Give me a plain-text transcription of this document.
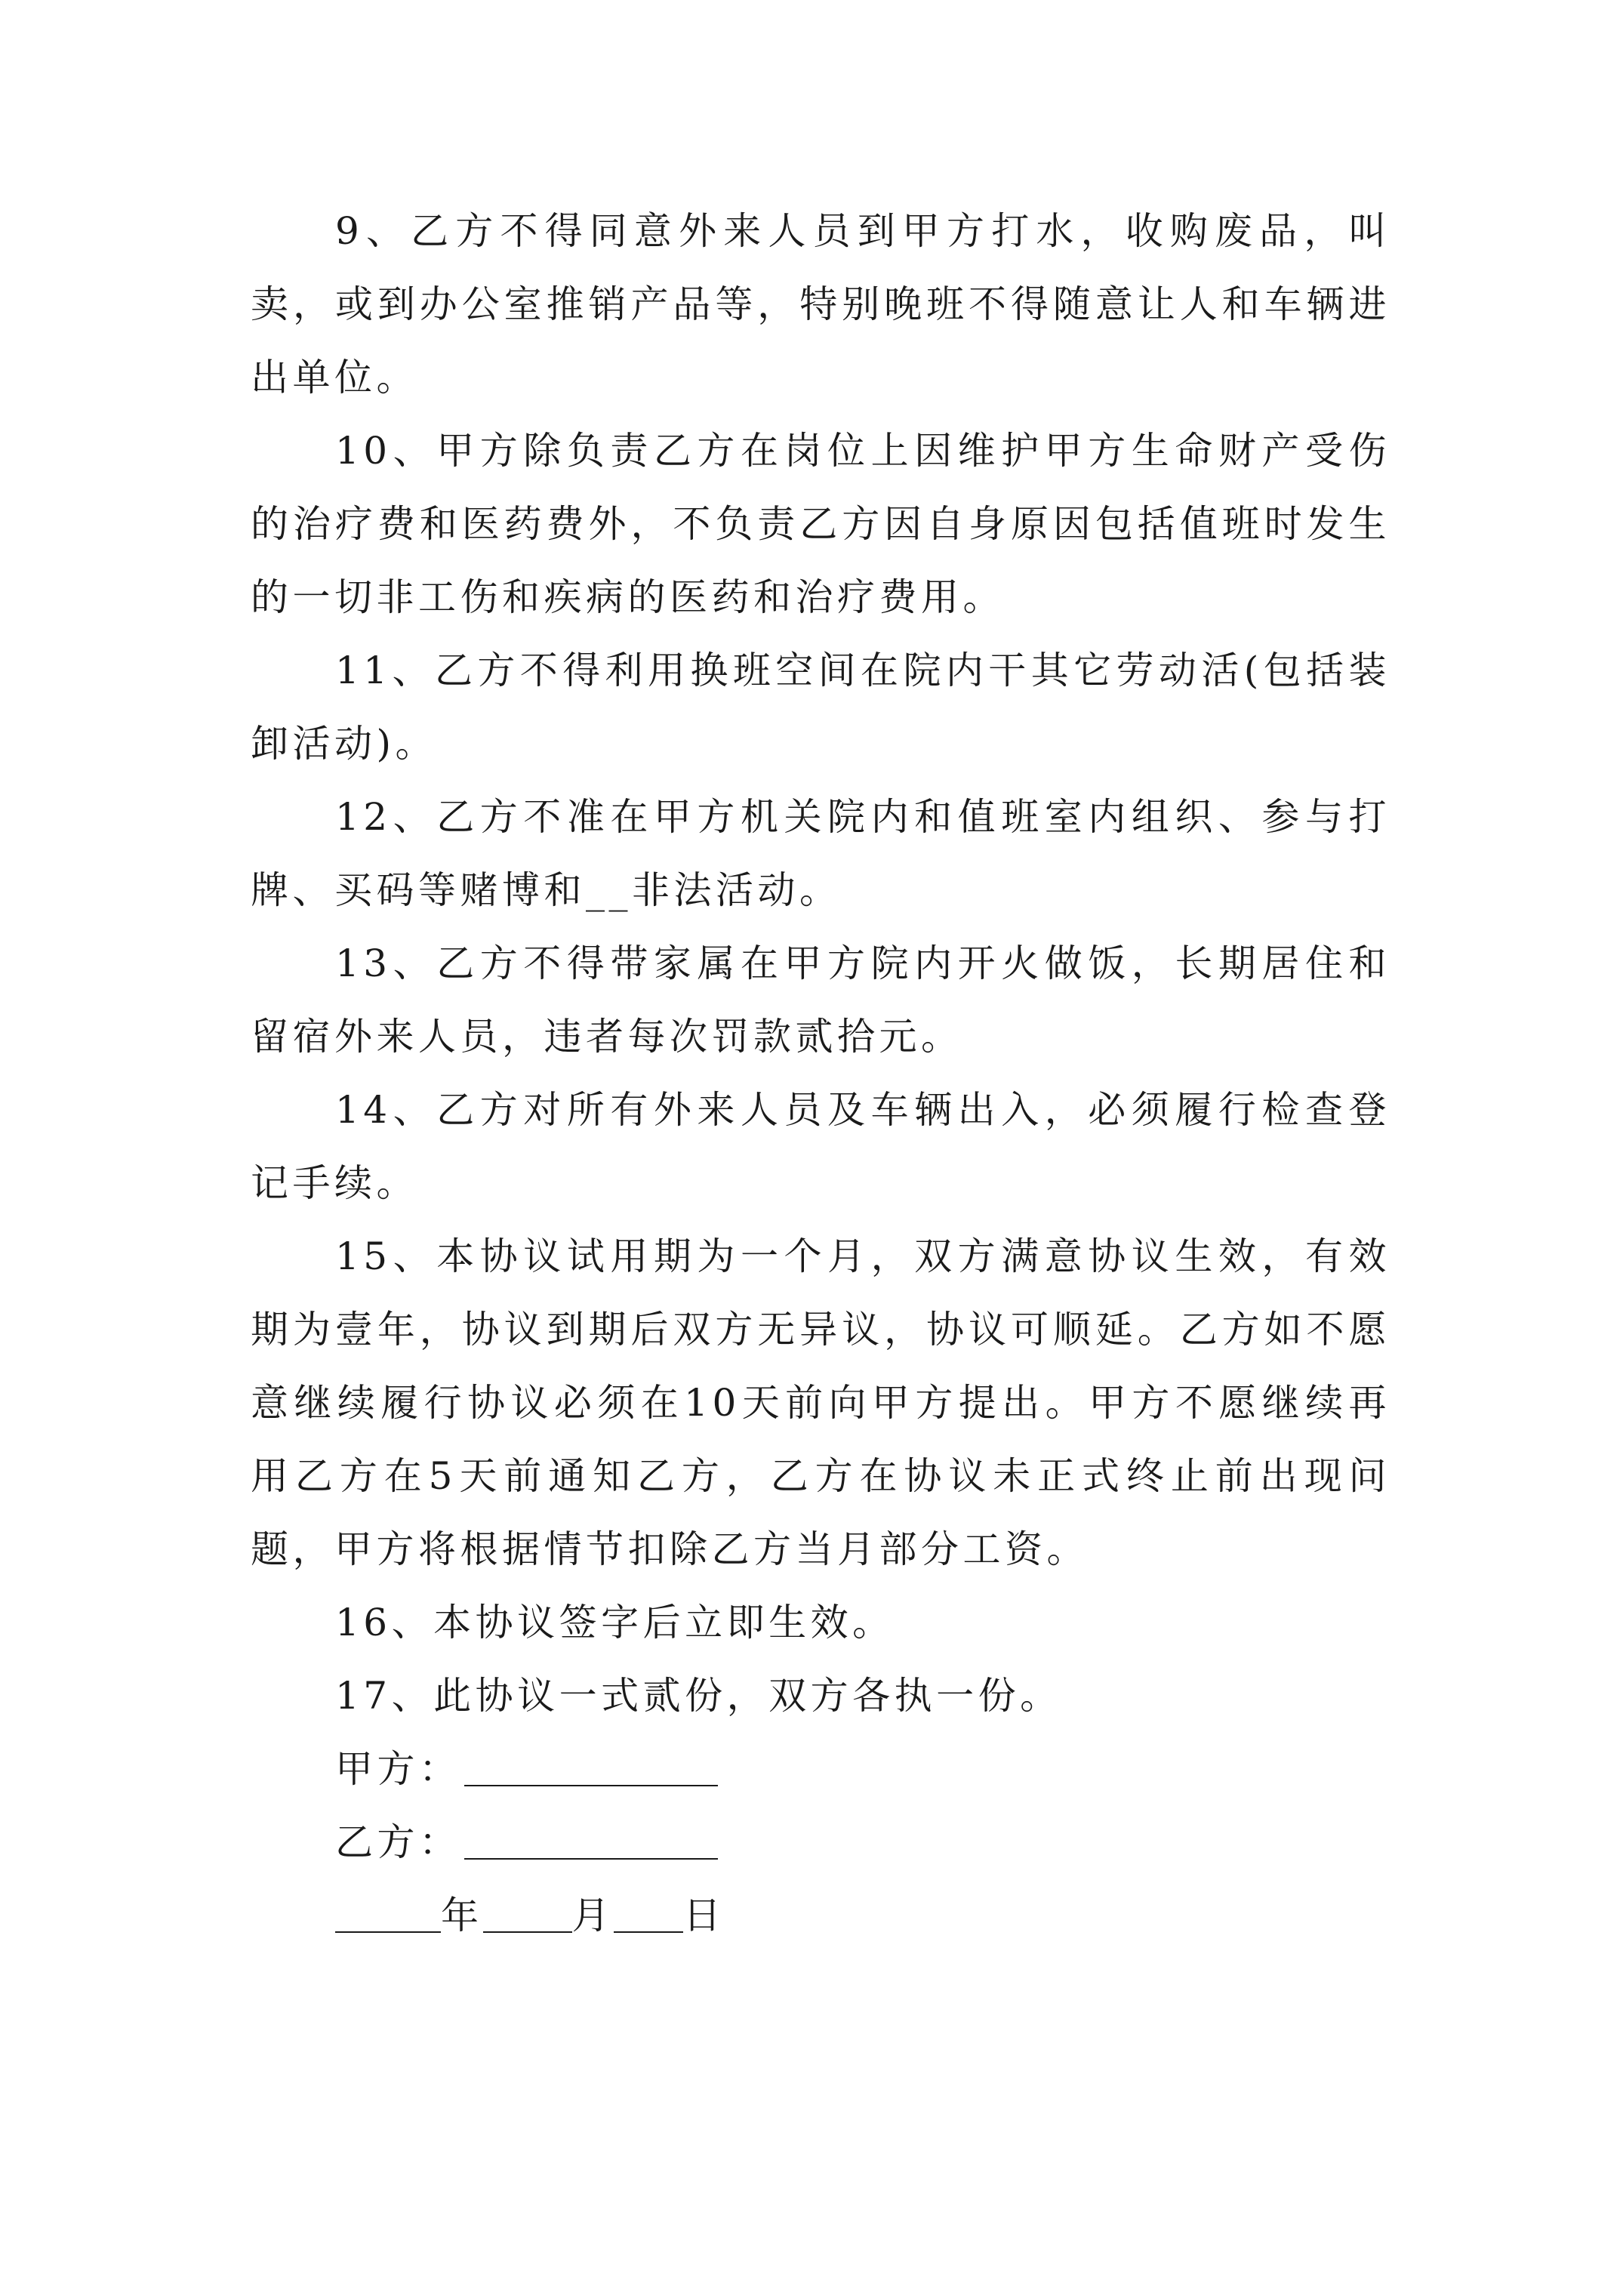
9、乙方不得同意外来人员到甲方打水，收购废品，叫卖，或到办公室推销产品等，特别晚班不得随意让人和车辆进出单位。

10、甲方除负责乙方在岗位上因维护甲方生命财产受伤的治疗费和医药费外，不负责乙方因自身原因包括值班时发生的一切非工伤和疾病的医药和治疗费用。

11、乙方不得利用换班空间在院内干其它劳动活(包括装卸活动)。

12、乙方不准在甲方机关院内和值班室内组织、参与打牌、买码等赌博和__非法活动。

13、乙方不得带家属在甲方院内开火做饭，长期居住和留宿外来人员，违者每次罚款贰拾元。

14、乙方对所有外来人员及车辆出入，必须履行检查登记手续。

15、本协议试用期为一个月，双方满意协议生效，有效期为壹年，协议到期后双方无异议，协议可顺延。乙方如不愿意继续履行协议必须在10天前向甲方提出。甲方不愿继续再用乙方在5天前通知乙方，乙方在协议未正式终止前出现问题，甲方将根据情节扣除乙方当月部分工资。

16、本协议签字后立即生效。

17、此协议一式贰份，双方各执一份。

甲方：
乙方：
年 月 日
